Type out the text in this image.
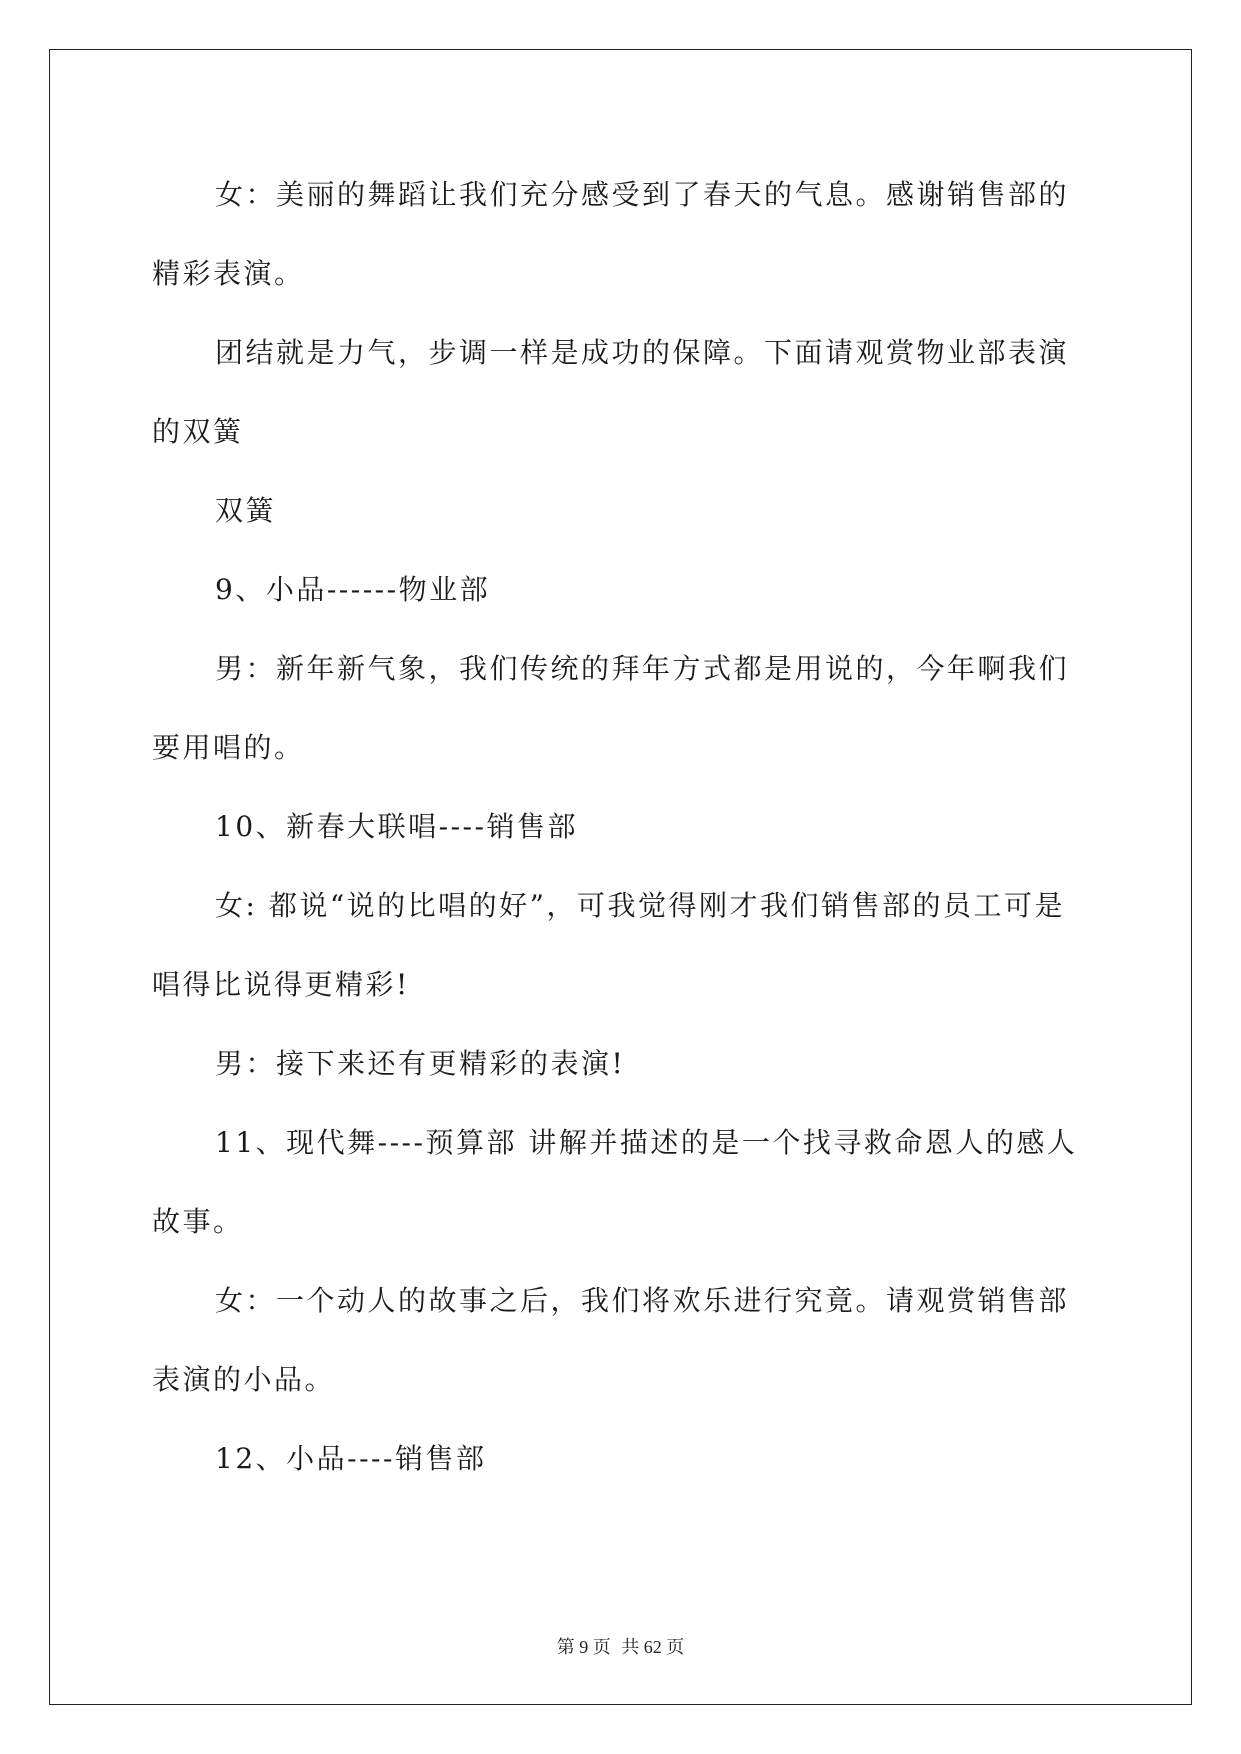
女：美丽的舞蹈让我们充分感受到了春天的气息。感谢销售部的精彩表演。

团结就是力气，步调一样是成功的保障。下面请观赏物业部表演的双簧

双簧

9、小品------物业部

男：新年新气象，我们传统的拜年方式都是用说的，今年啊我们要用唱的。

10、新春大联唱----销售部

女: 都说“说的比唱的好”，可我觉得刚才我们销售部的员工可是唱得比说得更精彩!

男：接下来还有更精彩的表演!

11、现代舞----预算部 讲解并描述的是一个找寻救命恩人的感人故事。

女：一个动人的故事之后，我们将欢乐进行究竟。请观赏销售部表演的小品。

12、小品----销售部

第 9 页 共 62 页
